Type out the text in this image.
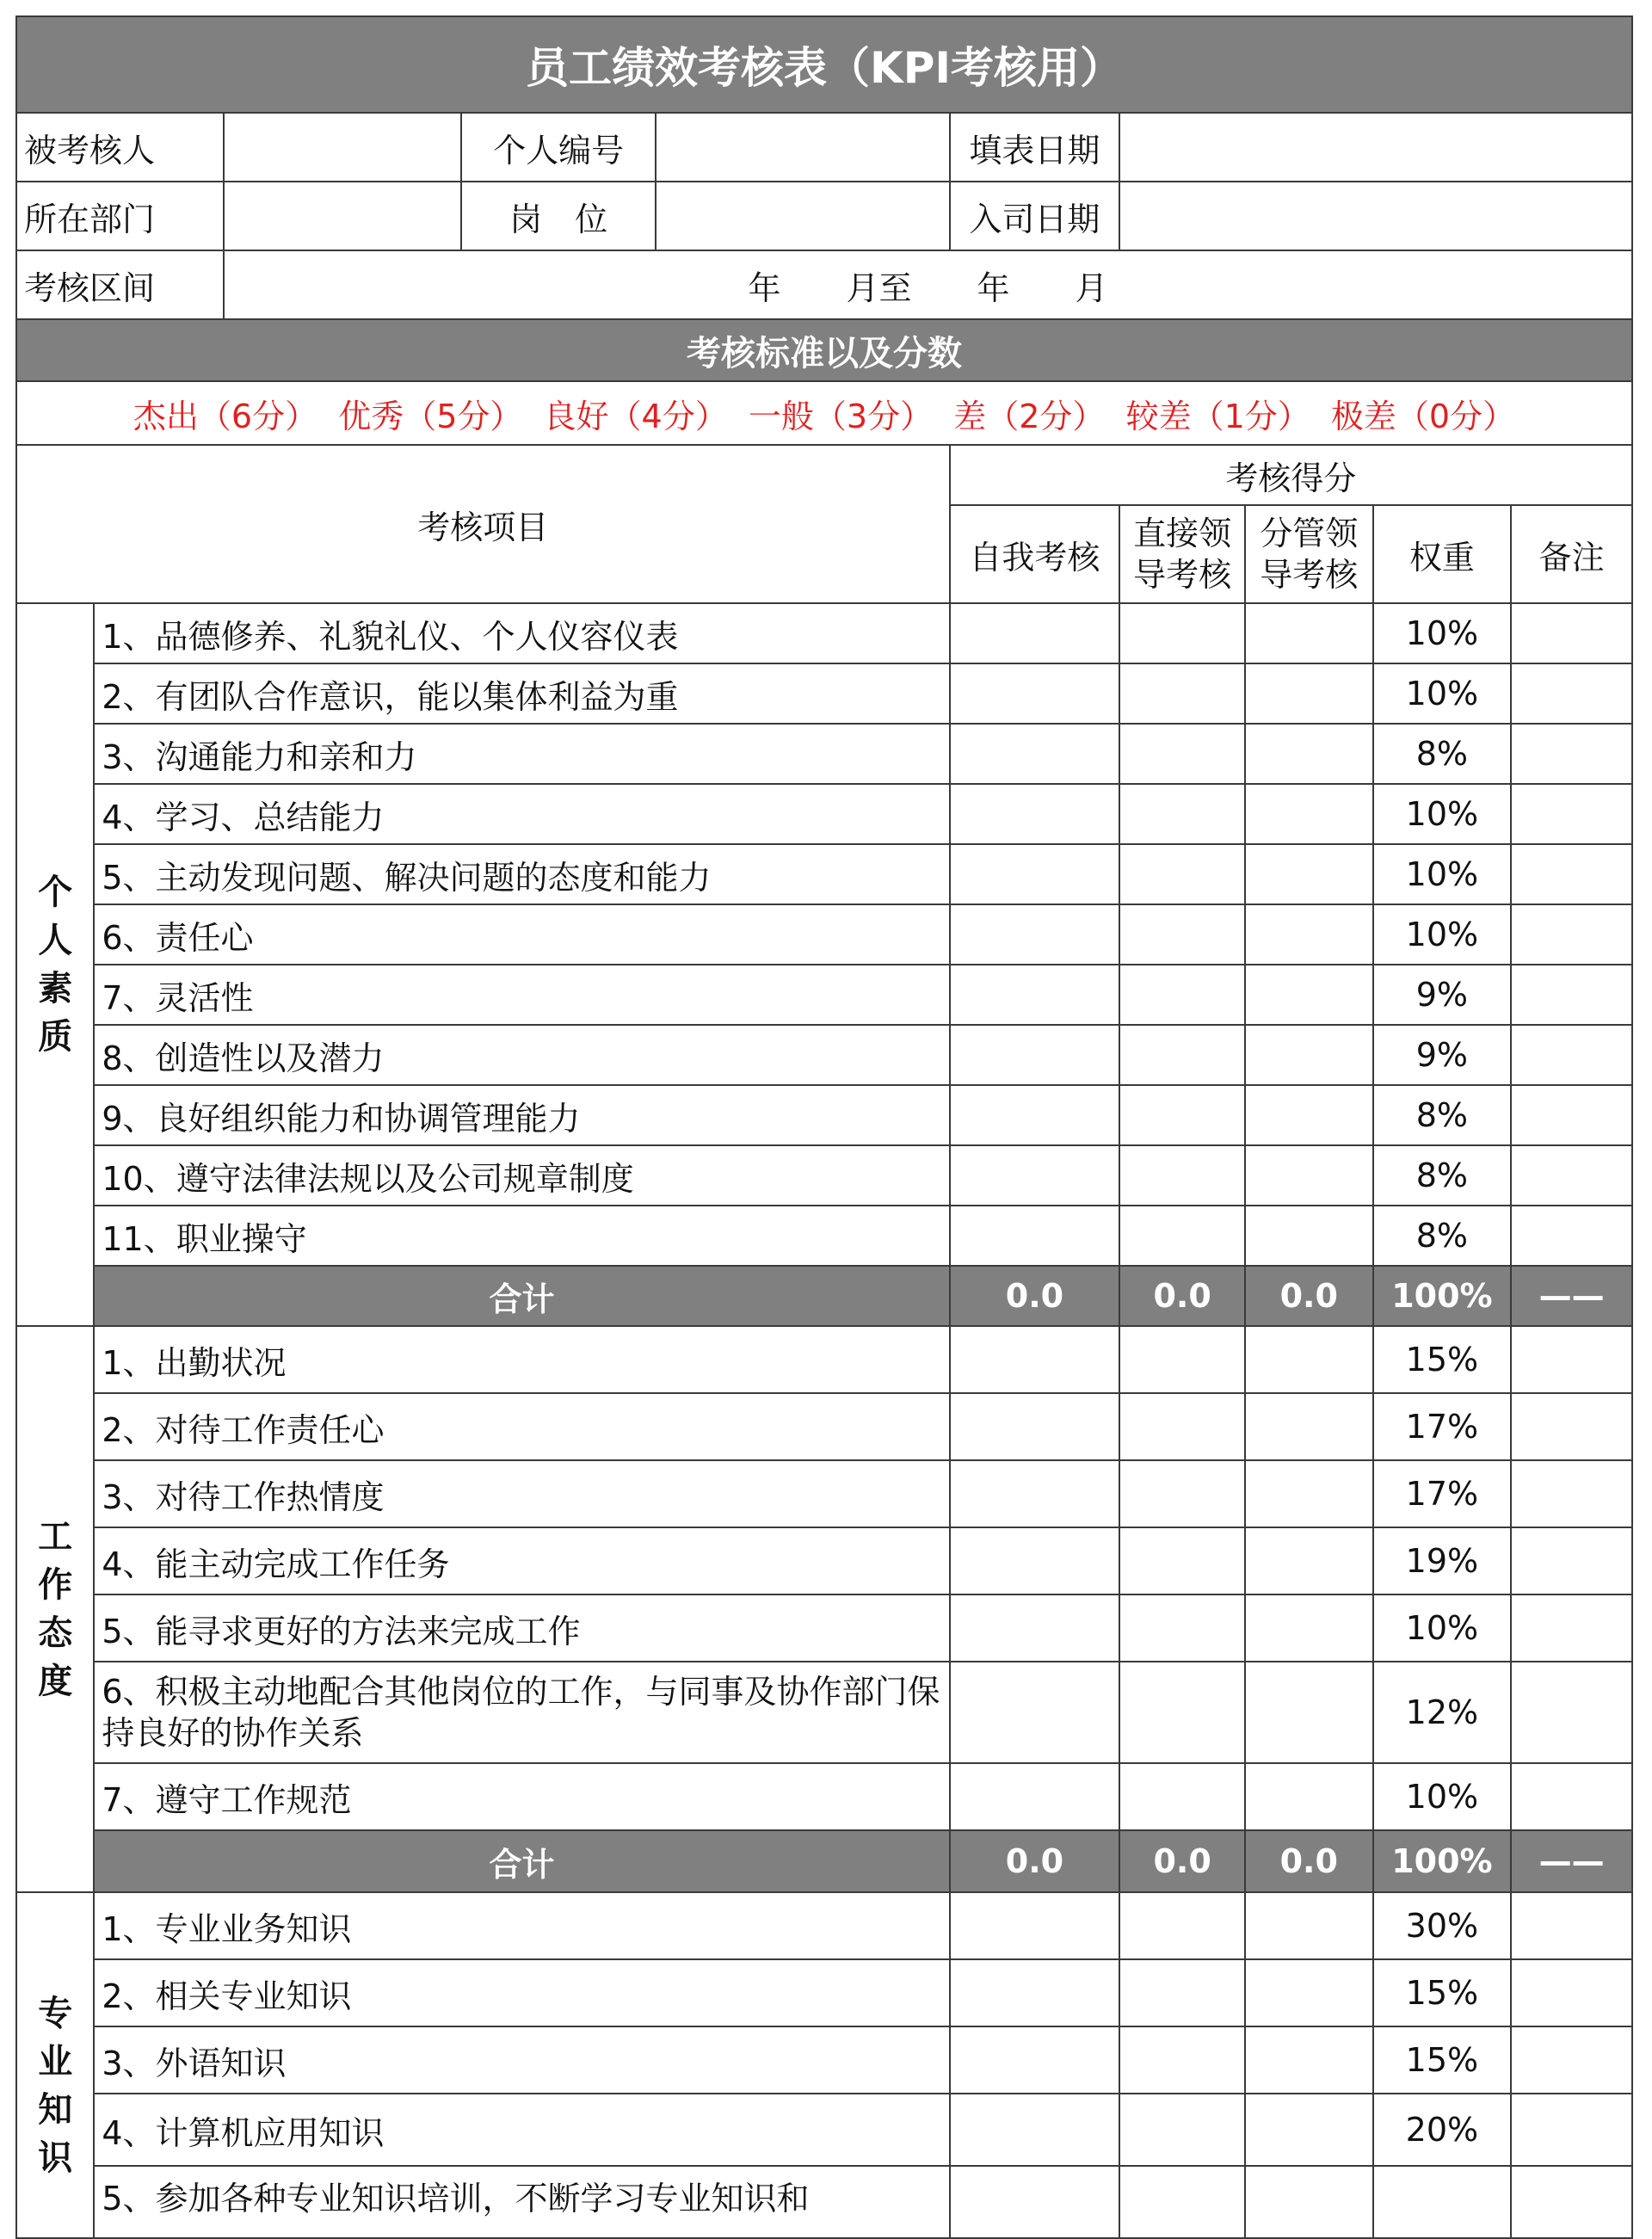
员工绩效考核表（KPI考核用）									
被考核人			个人编号		填表日期				
所在部门			岗　位		入司日期				
考核区间		年　　月至　　年　　月							
考核标准以及分数									
杰出（6分）  优秀（5分）  良好（4分）  一般（3分）  差（2分）  较差（1分）  极差（0分）									
考核项目					考核得分				
					自我考核	直接领导考核	分管领导考核	权重	备注

个
人
素
质	1、品德修养、礼貌礼仪、个人仪容仪表							10%	
	2、有团队合作意识，能以集体利益为重							10%	
	3、沟通能力和亲和力							8%	
	4、学习、总结能力							10%	
	5、主动发现问题、解决问题的态度和能力							10%	
	6、责任心							10%	
	7、灵活性							9%	
	8、创造性以及潜力							9%	
	9、良好组织能力和协调管理能力							8%	
	10、遵守法律法规以及公司规章制度							8%	
	11、职业操守							8%	
	合计				0.0	0.0	0.0	100%	——

工
作
态
度	1、出勤状况							15%	
	2、对待工作责任心							17%	
	3、对待工作热情度							17%	
	4、能主动完成工作任务							19%	
	5、能寻求更好的方法来完成工作							10%	
	6、积极主动地配合其他岗位的工作，与同事及协作部门保持良好的协作关系							12%	
	7、遵守工作规范							10%	
	合计				0.0	0.0	0.0	100%	——

专
业
知
识	1、专业业务知识							30%	
	2、相关专业知识							15%	
	3、外语知识							15%	
	4、计算机应用知识							20%	
	5、参加各种专业知识培训，不断学习专业知识和								
